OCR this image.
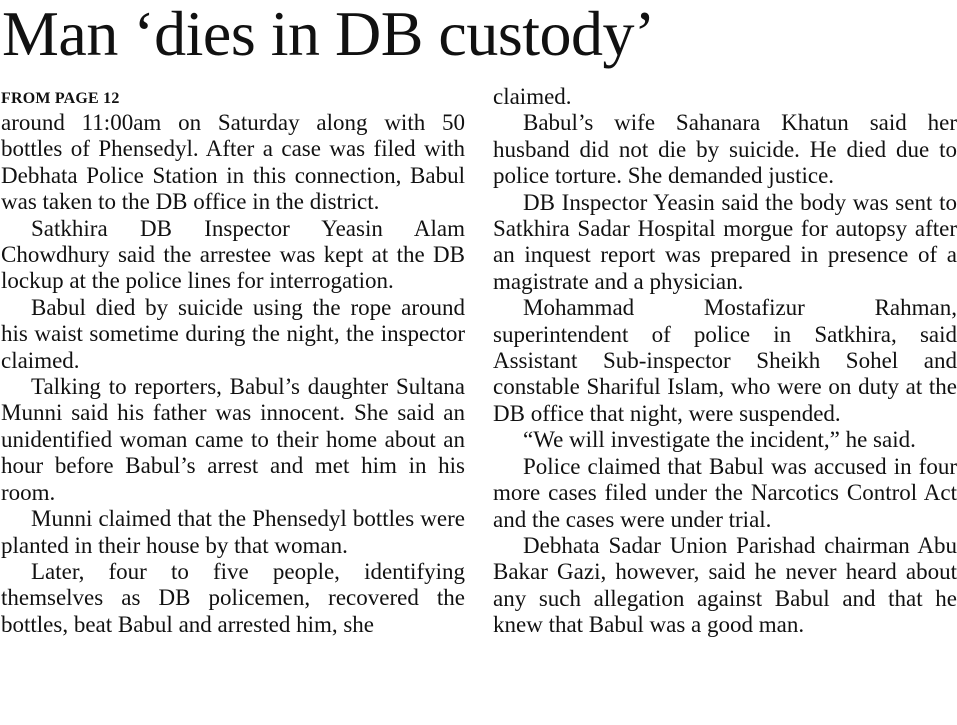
Man ‘dies in DB custody’
FROM PAGE 12

around 11:00am on Saturday along with 50 bottles of Phensedyl. After a case was filed with Debhata Police Station in this connection, Babul was taken to the DB office in the district.

Satkhira DB Inspector Yeasin Alam Chowdhury said the arrestee was kept at the DB lockup at the police lines for interrogation.

Babul died by suicide using the rope around his waist sometime during the night, the inspector claimed.

Talking to reporters, Babul’s daughter Sultana Munni said his father was innocent. She said an unidentified woman came to their home about an hour before Babul’s arrest and met him in his room.

Munni claimed that the Phensedyl bottles were planted in their house by that woman.

Later, four to five people, identifying themselves as DB policemen, recovered the bottles, beat Babul and arrested him, she

claimed.

Babul’s wife Sahanara Khatun said her husband did not die by suicide. He died due to police torture. She demanded justice.

DB Inspector Yeasin said the body was sent to Satkhira Sadar Hospital morgue for autopsy after an inquest report was prepared in presence of a magistrate and a physician.

Mohammad Mostafizur Rahman, superintendent of police in Satkhira, said Assistant Sub-inspector Sheikh Sohel and constable Shariful Islam, who were on duty at the DB office that night, were suspended.

“We will investigate the incident,” he said.

Police claimed that Babul was accused in four more cases filed under the Narcotics Control Act and the cases were under trial.

Debhata Sadar Union Parishad chairman Abu Bakar Gazi, however, said he never heard about any such allegation against Babul and that he knew that Babul was a good man.
